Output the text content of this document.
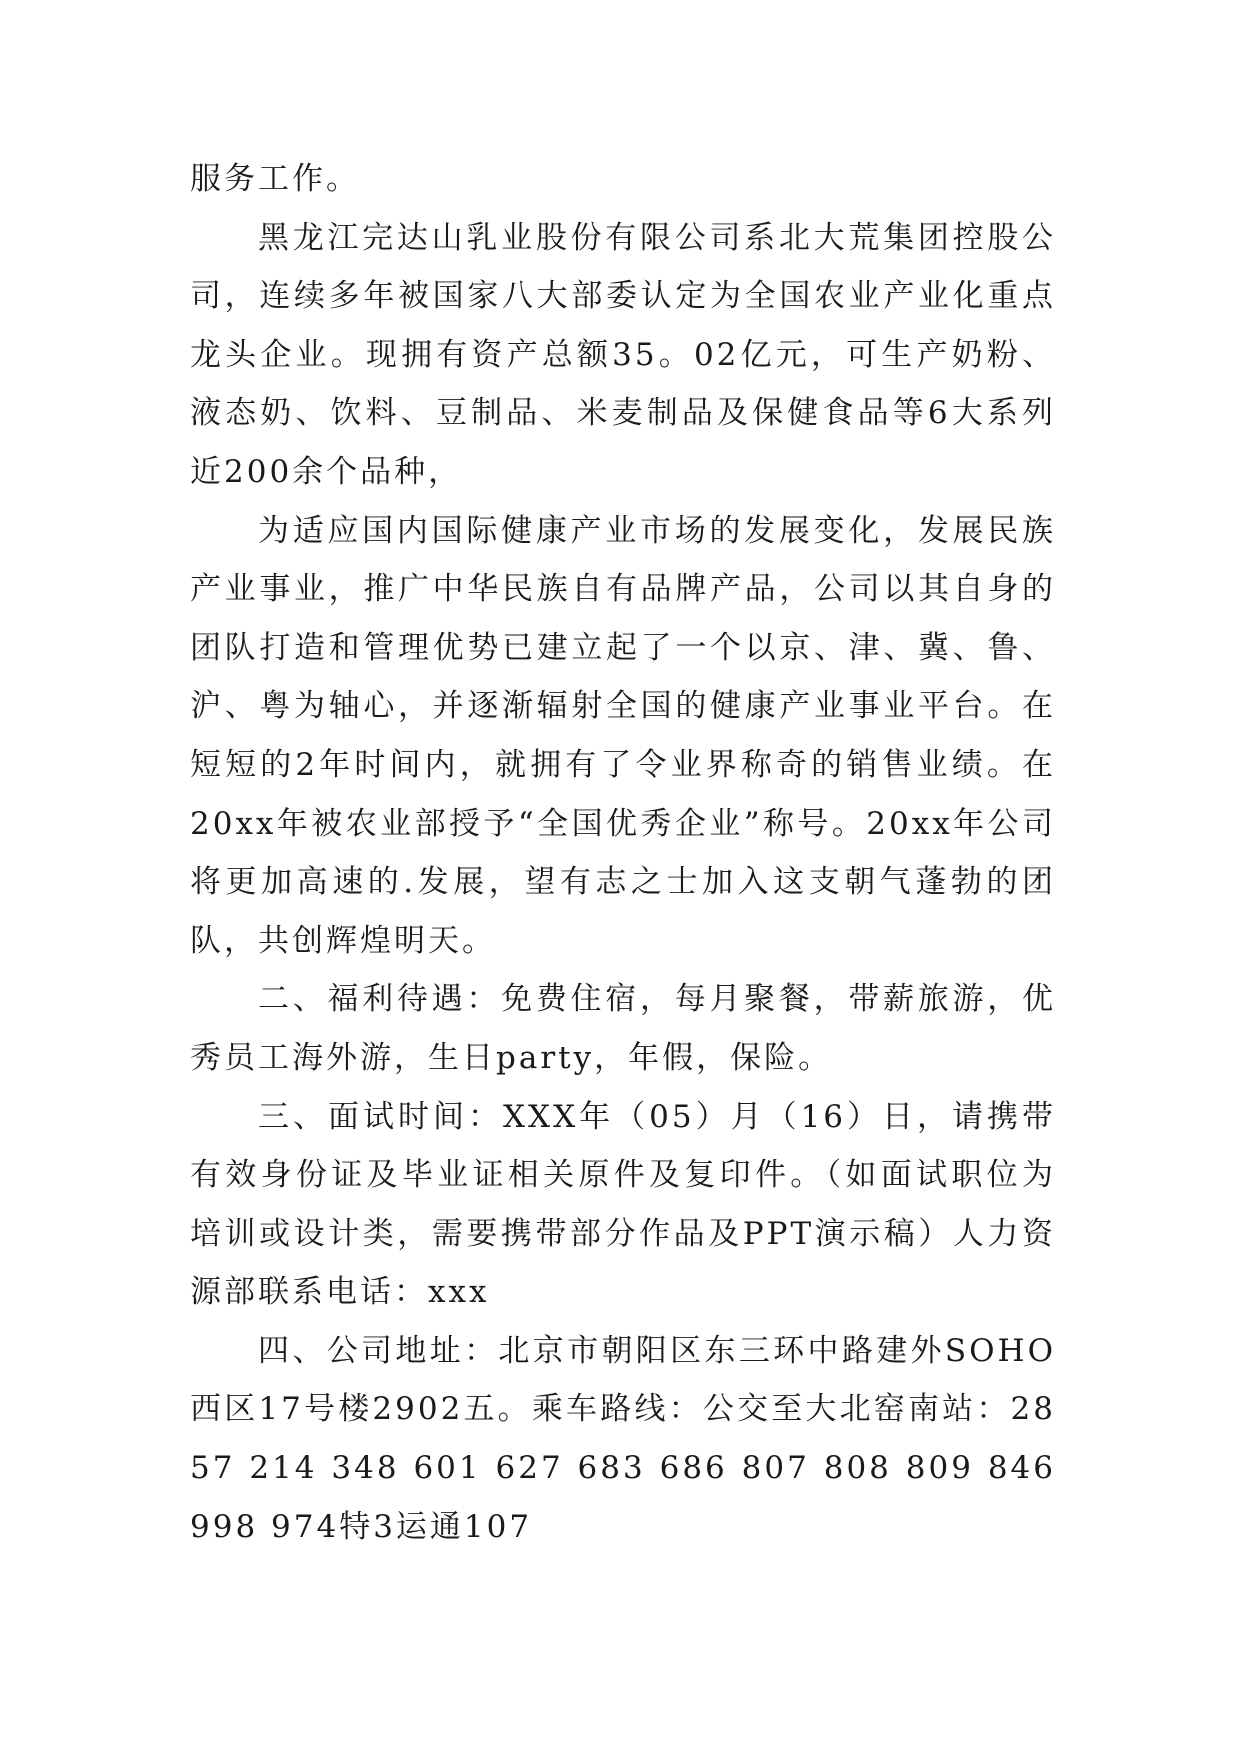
服务工作。

黑龙江完达山乳业股份有限公司系北大荒集团控股公司，连续多年被国家八大部委认定为全国农业产业化重点龙头企业。现拥有资产总额35。02亿元，可生产奶粉、液态奶、饮料、豆制品、米麦制品及保健食品等6大系列近200余个品种，

为适应国内国际健康产业市场的发展变化，发展民族产业事业，推广中华民族自有品牌产品，公司以其自身的团队打造和管理优势已建立起了一个以京、津、冀、鲁、沪、粤为轴心，并逐渐辐射全国的健康产业事业平台。在短短的2年时间内，就拥有了令业界称奇的销售业绩。在20xx年被农业部授予“全国优秀企业”称号。20xx年公司将更加高速的.发展，望有志之士加入这支朝气蓬勃的团队，共创辉煌明天。

二、福利待遇：免费住宿，每月聚餐，带薪旅游，优秀员工海外游，生日party，年假，保险。

三、面试时间：XXX年（05）月（16）日，请携带有效身份证及毕业证相关原件及复印件。（如面试职位为培训或设计类，需要携带部分作品及PPT演示稿）人力资源部联系电话：xxx

四、公司地址：北京市朝阳区东三环中路建外SOHO西区17号楼2902五。乘车路线：公交至大北窑南站：28 57 214 348 601 627 683 686 807 808 809 846 998 974特3运通107
